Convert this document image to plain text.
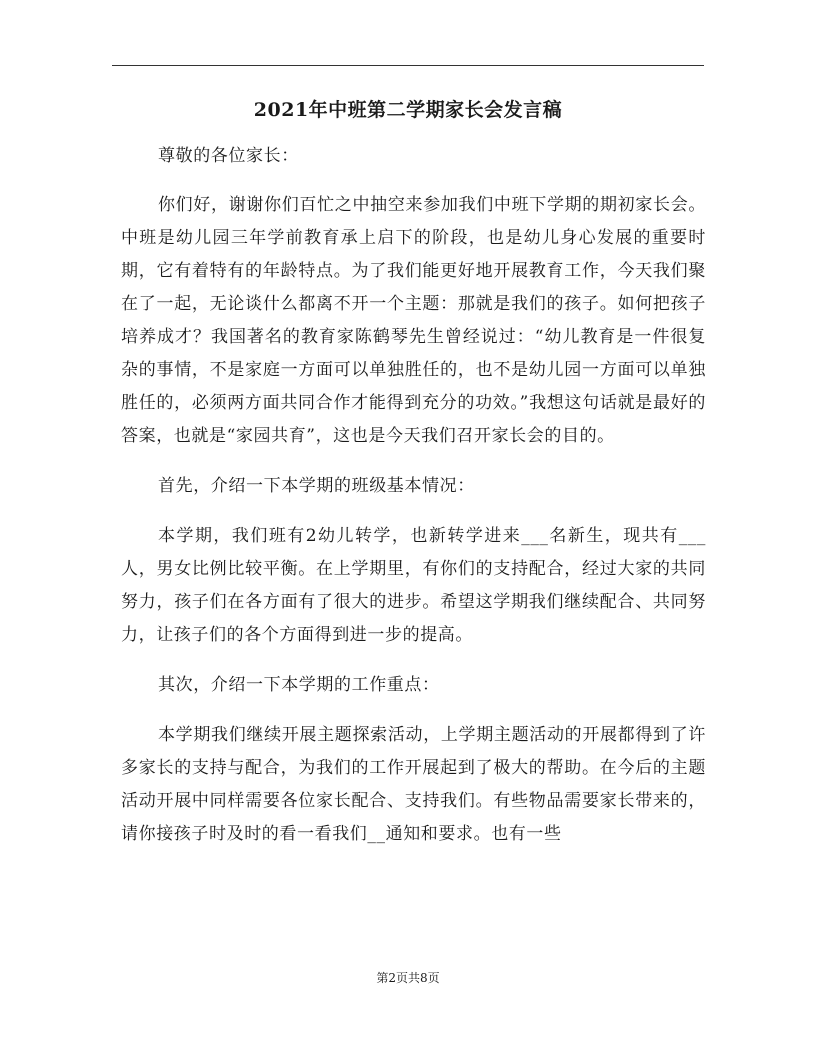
2021年中班第二学期家长会发言稿

尊敬的各位家长：

你们好，谢谢你们百忙之中抽空来参加我们中班下学期的期初家长会。中班是幼儿园三年学前教育承上启下的阶段，也是幼儿身心发展的重要时期，它有着特有的年龄特点。为了我们能更好地开展教育工作，今天我们聚在了一起，无论谈什么都离不开一个主题：那就是我们的孩子。如何把孩子培养成才？我国著名的教育家陈鹤琴先生曾经说过：“幼儿教育是一件很复杂的事情，不是家庭一方面可以单独胜任的，也不是幼儿园一方面可以单独胜任的，必须两方面共同合作才能得到充分的功效。”我想这句话就是最好的答案，也就是“家园共育”，这也是今天我们召开家长会的目的。

首先，介绍一下本学期的班级基本情况：

本学期，我们班有2幼儿转学，也新转学进来___名新生，现共有___人，男女比例比较平衡。在上学期里，有你们的支持配合，经过大家的共同努力，孩子们在各方面有了很大的进步。希望这学期我们继续配合、共同努力，让孩子们的各个方面得到进一步的提高。

其次，介绍一下本学期的工作重点：

本学期我们继续开展主题探索活动，上学期主题活动的开展都得到了许多家长的支持与配合，为我们的工作开展起到了极大的帮助。在今后的主题活动开展中同样需要各位家长配合、支持我们。有些物品需要家长带来的，请你接孩子时及时的看一看我们__通知和要求。也有一些

第2页共8页
